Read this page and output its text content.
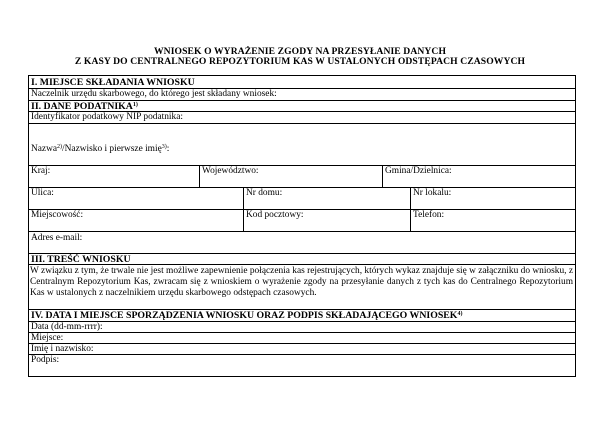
WNIOSEK O WYRAŻENIE ZGODY NA PRZESYŁANIE DANYCH
Z KASY DO CENTRALNEGO REPOZYTORIUM KAS W USTALONYCH ODSTĘPACH CZASOWYCH
I. MIEJSCE SKŁADANIA WNIOSKU
Naczelnik urzędu skarbowego, do którego jest składany wniosek:
II. DANE PODATNIKA$^{1)}$
Identyfikator podatkowy NIP podatnika:
Nazwa$^{2)}$/Nazwisko i pierwsze imię$^{3)}$:
Kraj:	Województwo:	Gmina/Dzielnica:
Ulica:	Nr domu:	Nr lokalu:
Miejscowość:	Kod pocztowy:	Telefon:
Adres e-mail:
III. TREŚĆ WNIOSKU
W związku z tym, że trwale nie jest możliwe zapewnienie połączenia kas rejestrujących, których wykaz znajduje się w załączniku do wniosku, z Centralnym Repozytorium Kas, zwracam się z wnioskiem o wyrażenie zgody na przesyłanie danych z tych kas do Centralnego Repozytorium Kas w ustalonych z naczelnikiem urzędu skarbowego odstępach czasowych.
IV. DATA I MIEJSCE SPORZĄDZENIA WNIOSKU ORAZ PODPIS SKŁADAJĄCEGO WNIOSEK$^{4)}$
Data (dd-mm-rrrr):
Miejsce:
Imię i nazwisko:
Podpis:
